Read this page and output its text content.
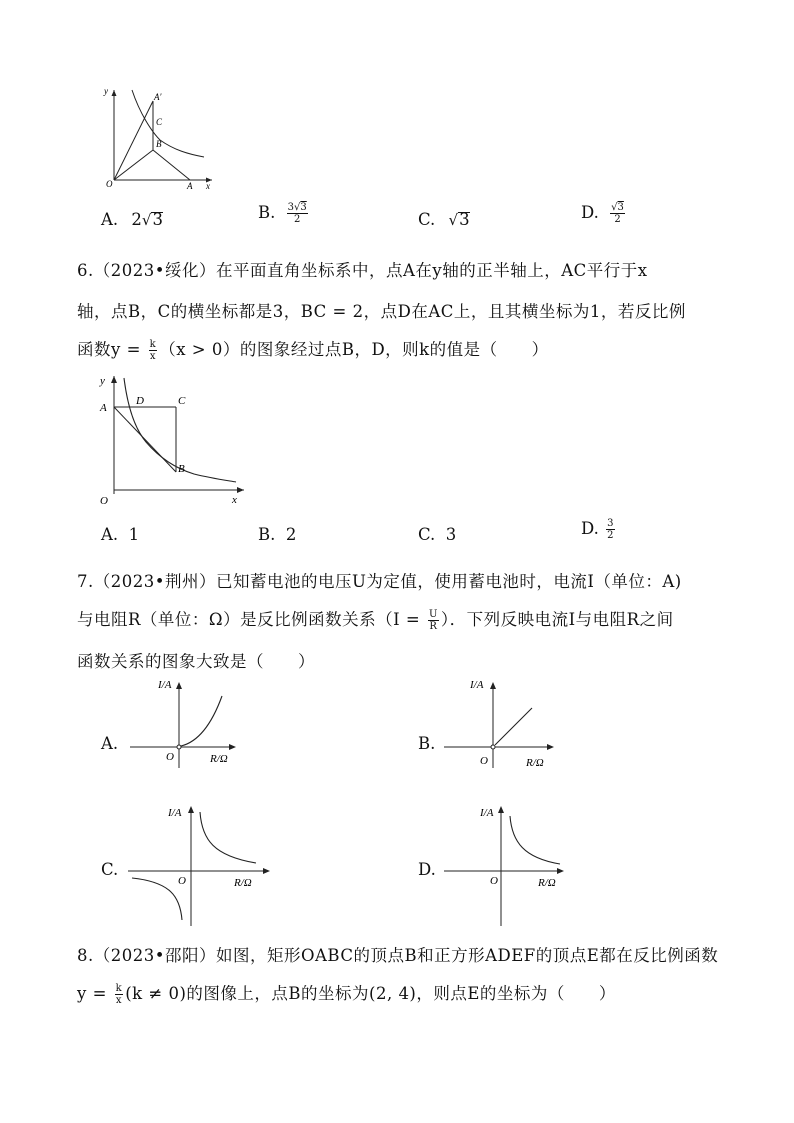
y
x
O
A′
C
B
A
A. 2√3	B. $\frac{3√3}{2}$	C. √3	D. $\frac{√3}{2}$
6.（2023•绥化）在平面直角坐标系中，点A在y轴的正半轴上，AC平行于x
轴，点B，C的横坐标都是3，BC = 2，点D在AC上，且其横坐标为1，若反比例
函数$y = \frac{k}{x} (x > 0)$的图象经过点B，D，则k的值是（　　）
y
x
O
A
D	C
B
A. 1	B. 2	C. 3	D. $\frac{3}{2}$
7.（2023•荆州）已知蓄电池的电压U为定值，使用蓄电池时，电流I（单位：A)
与电阻R（单位：Ω）是反比例函数关系（$I = \frac{U}{R}$ ）．下列反映电流I与电阻R之间
函数关系的图象大致是（　　）
A.
I/A
R/Ω
O
B.
I/A
R/Ω
O
C.
I/A
R/Ω
O
D.
I/A
R/Ω
O
8.（2023•邵阳）如图，矩形OABC的顶点B和正方形ADEF的顶点E都在反比例函数
$y = \frac{k}{x} (k \ne 0)$的图像上，点B的坐标为(2, 4)，则点E的坐标为（　　）
